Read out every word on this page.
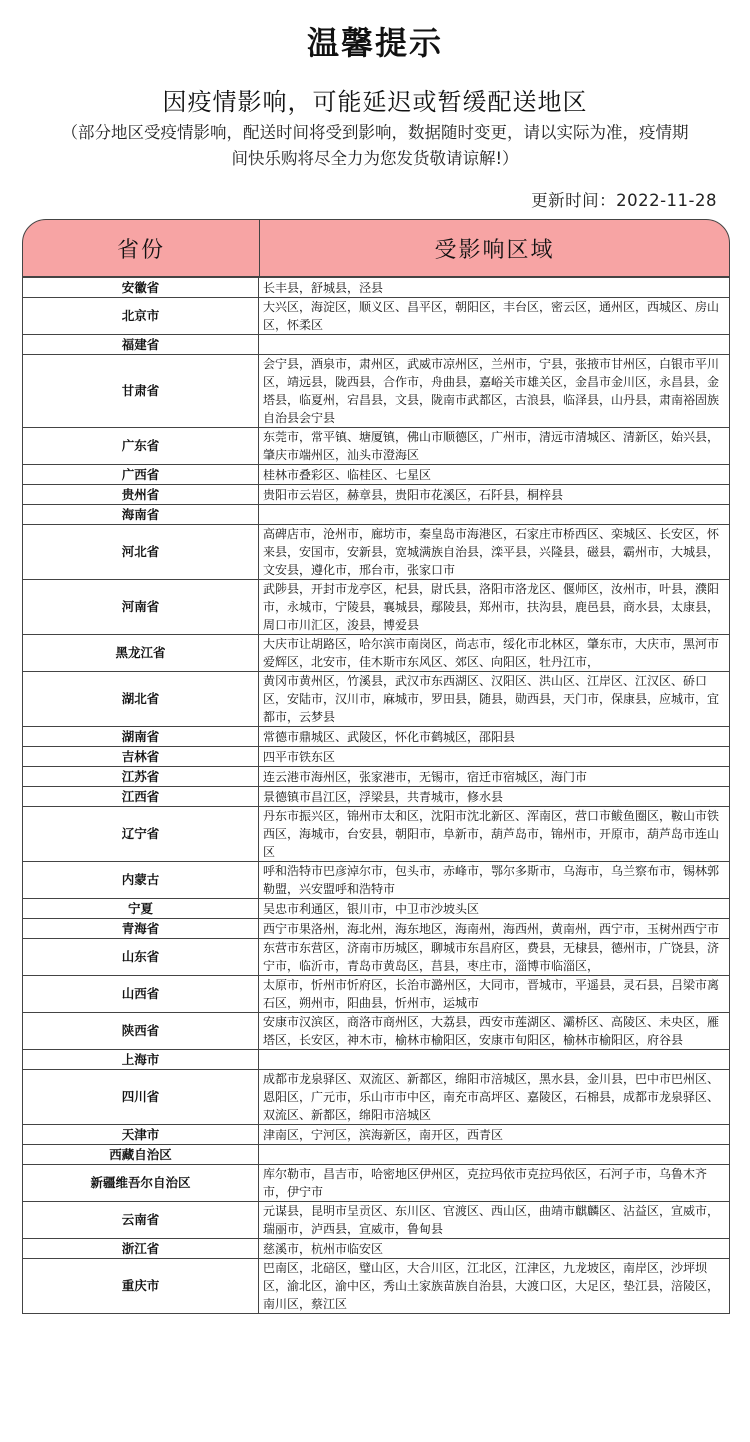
温馨提示
因疫情影响，可能延迟或暂缓配送地区
（部分地区受疫情影响，配送时间将受到影响，数据随时变更，请以实际为准，疫情期间快乐购将尽全力为您发货敬请谅解!）
更新时间：2022-11-28
省份	受影响区域
安徽省	长丰县，舒城县，泾县
北京市	大兴区，海淀区，顺义区、昌平区，朝阳区，丰台区，密云区，通州区，西城区、房山区，怀柔区
福建省	
甘肃省	会宁县，酒泉市，肃州区，武威市凉州区，兰州市，宁县，张掖市甘州区，白银市平川区，靖远县，陇西县，合作市，舟曲县，嘉峪关市雄关区，金昌市金川区，永昌县，金塔县，临夏州，宕昌县，文县，陇南市武都区，古浪县，临泽县，山丹县，肃南裕固族自治县会宁县
广东省	东莞市，常平镇、塘厦镇，佛山市顺德区，广州市，清远市清城区、清新区，始兴县，肇庆市端州区，汕头市澄海区
广西省	桂林市叠彩区、临桂区、七星区
贵州省	贵阳市云岩区，赫章县，贵阳市花溪区，石阡县，桐梓县
海南省	
河北省	高碑店市，沧州市，廊坊市，秦皇岛市海港区，石家庄市桥西区、栾城区、长安区，怀来县，安国市，安新县，宽城满族自治县，滦平县，兴隆县，磁县，霸州市，大城县，文安县，遵化市，邢台市，张家口市
河南省	武陟县，开封市龙亭区，杞县，尉氏县，洛阳市洛龙区、偃师区，汝州市，叶县，濮阳市，永城市，宁陵县，襄城县，鄢陵县，郑州市，扶沟县，鹿邑县，商水县，太康县，周口市川汇区，浚县，博爱县
黑龙江省	大庆市让胡路区，哈尔滨市南岗区，尚志市，绥化市北林区，肇东市，大庆市，黑河市爱辉区，北安市，佳木斯市东风区、郊区、向阳区，牡丹江市，
湖北省	黄冈市黄州区，竹溪县，武汉市东西湖区、汉阳区、洪山区、江岸区、江汉区、硚口区，安陆市，汉川市，麻城市，罗田县，随县，勋西县，天门市，保康县，应城市，宜都市，云梦县
湖南省	常德市鼎城区、武陵区，怀化市鹤城区，邵阳县
吉林省	四平市铁东区
江苏省	连云港市海州区，张家港市，无锡市，宿迁市宿城区，海门市
江西省	景德镇市昌江区，浮梁县，共青城市，修水县
辽宁省	丹东市振兴区，锦州市太和区，沈阳市沈北新区、浑南区，营口市鲅鱼圈区，鞍山市铁西区，海城市，台安县，朝阳市，阜新市，葫芦岛市，锦州市，开原市，葫芦岛市连山区
内蒙古	呼和浩特市巴彦淖尔市，包头市，赤峰市，鄂尔多斯市，乌海市，乌兰察布市，锡林郭勒盟，兴安盟呼和浩特市
宁夏	吴忠市利通区，银川市，中卫市沙坡头区
青海省	西宁市果洛州，海北州，海东地区，海南州，海西州，黄南州，西宁市，玉树州西宁市
山东省	东营市东营区，济南市历城区，聊城市东昌府区，费县，无棣县，德州市，广饶县，济宁市，临沂市，青岛市黄岛区，莒县，枣庄市，淄博市临淄区，
山西省	太原市，忻州市忻府区，长治市潞州区，大同市，晋城市，平遥县，灵石县，吕梁市离石区，朔州市，阳曲县，忻州市，运城市
陕西省	安康市汉滨区，商洛市商州区，大荔县，西安市莲湖区、灞桥区、高陵区、未央区，雁塔区，长安区，神木市，榆林市榆阳区，安康市旬阳区，榆林市榆阳区，府谷县
上海市	
四川省	成都市龙泉驿区、双流区、新都区，绵阳市涪城区，黑水县，金川县，巴中市巴州区、恩阳区，广元市，乐山市市中区，南充市高坪区、嘉陵区，石棉县，成都市龙泉驿区、双流区、新都区，绵阳市涪城区
天津市	津南区，宁河区，滨海新区，南开区，西青区
西藏自治区	
新疆维吾尔自治区	库尔勒市，昌吉市，哈密地区伊州区，克拉玛依市克拉玛依区，石河子市，乌鲁木齐市，伊宁市
云南省	元谋县，昆明市呈贡区、东川区、官渡区、西山区，曲靖市麒麟区、沾益区，宣威市，瑞丽市，泸西县，宣威市，鲁甸县
浙江省	慈溪市，杭州市临安区
重庆市	巴南区，北碚区，璧山区，大合川区，江北区，江津区，九龙坡区，南岸区，沙坪坝区，渝北区，渝中区，秀山土家族苗族自治县，大渡口区，大足区，垫江县，涪陵区，南川区，蔡江区
